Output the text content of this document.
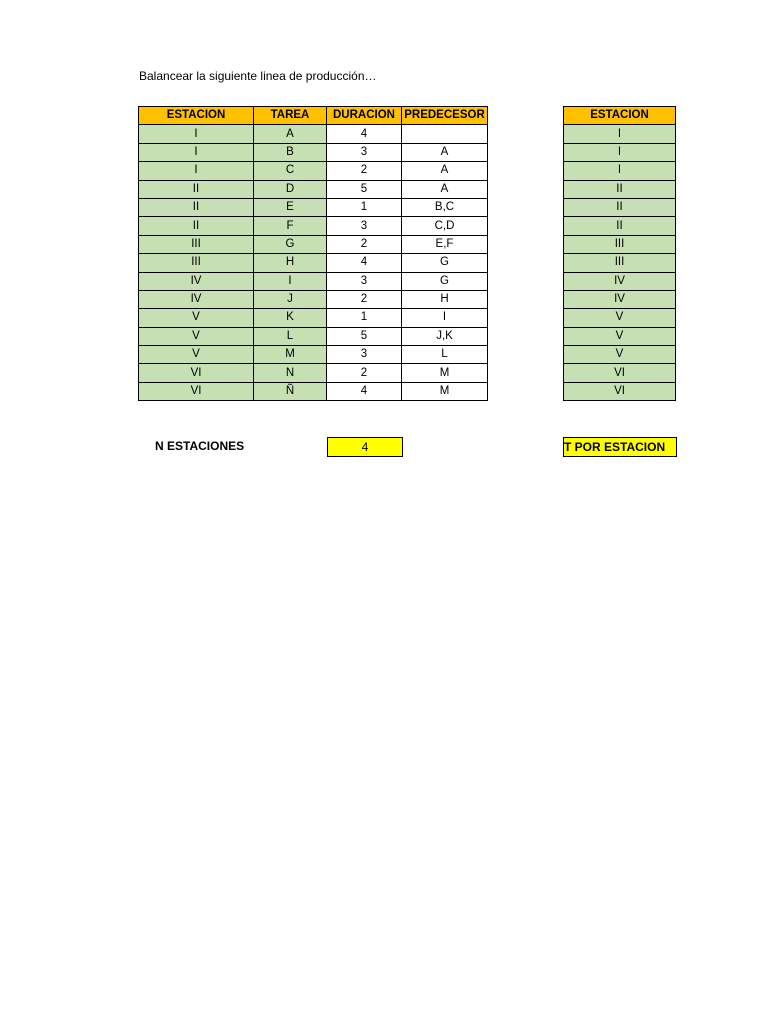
Balancear la siguiente linea de producción…
ESTACION	TAREA	DURACION	PREDECESOR
I	A	4	
I	B	3	A
I	C	2	A
II	D	5	A
II	E	1	B,C
II	F	3	C,D
III	G	2	E,F
III	H	4	G
IV	I	3	G
IV	J	2	H
V	K	1	I
V	L	5	J,K
V	M	3	L
VI	N	2	M
VI	Ñ	4	M
ESTACION
I
I
I
II
II
II
III
III
IV
IV
V
V
V
VI
VI
N ESTACIONES	4	T POR ESTACION
